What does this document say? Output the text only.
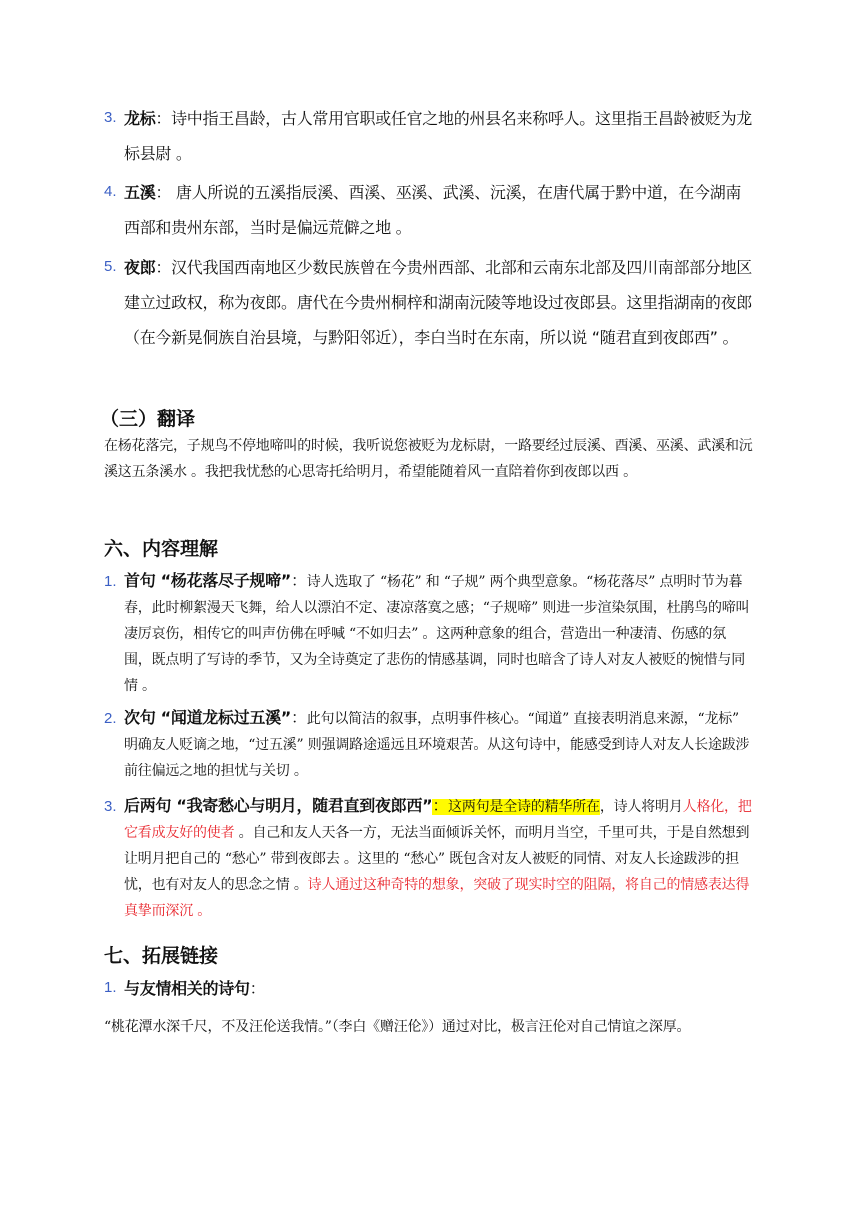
3. 龙标：诗中指王昌龄，古人常用官职或任官之地的州县名来称呼人。这里指王昌龄被贬为龙标县尉 。
4. 五溪： 唐人所说的五溪指辰溪、酉溪、巫溪、武溪、沅溪，在唐代属于黔中道，在今湖南西部和贵州东部，当时是偏远荒僻之地 。
5. 夜郎：汉代我国西南地区少数民族曾在今贵州西部、北部和云南东北部及四川南部部分地区建立过政权，称为夜郎。唐代在今贵州桐梓和湖南沅陵等地设过夜郎县。这里指湖南的夜郎（在今新晃侗族自治县境，与黔阳邻近），李白当时在东南，所以说 “随君直到夜郎西” 。
（三）翻译
在杨花落完，子规鸟不停地啼叫的时候，我听说您被贬为龙标尉，一路要经过辰溪、酉溪、巫溪、武溪和沅溪这五条溪水 。我把我忧愁的心思寄托给明月，希望能随着风一直陪着你到夜郎以西 。
六、内容理解
1. 首句 “杨花落尽子规啼”：诗人选取了 “杨花” 和 “子规” 两个典型意象。“杨花落尽” 点明时节为暮春，此时柳絮漫天飞舞，给人以漂泊不定、凄凉落寞之感；“子规啼” 则进一步渲染氛围，杜鹃鸟的啼叫凄厉哀伤，相传它的叫声仿佛在呼喊 “不如归去” 。这两种意象的组合，营造出一种凄清、伤感的氛围，既点明了写诗的季节，又为全诗奠定了悲伤的情感基调，同时也暗含了诗人对友人被贬的惋惜与同情 。
2. 次句 “闻道龙标过五溪”：此句以简洁的叙事，点明事件核心。“闻道” 直接表明消息来源，“龙标” 明确友人贬谪之地，“过五溪” 则强调路途遥远且环境艰苦。从这句诗中，能感受到诗人对友人长途跋涉前往偏远之地的担忧与关切 。
3. 后两句 “我寄愁心与明月，随君直到夜郎西”：这两句是全诗的精华所在，诗人将明月人格化，把它看成友好的使者 。自己和友人天各一方，无法当面倾诉关怀，而明月当空，千里可共，于是自然想到让明月把自己的 “愁心” 带到夜郎去 。这里的 “愁心” 既包含对友人被贬的同情、对友人长途跋涉的担忧，也有对友人的思念之情 。诗人通过这种奇特的想象，突破了现实时空的阻隔，将自己的情感表达得真挚而深沉 。
七、拓展链接
1. 与友情相关的诗句：
“桃花潭水深千尺，不及汪伦送我情。”（李白《赠汪伦》）通过对比，极言汪伦对自己情谊之深厚。
